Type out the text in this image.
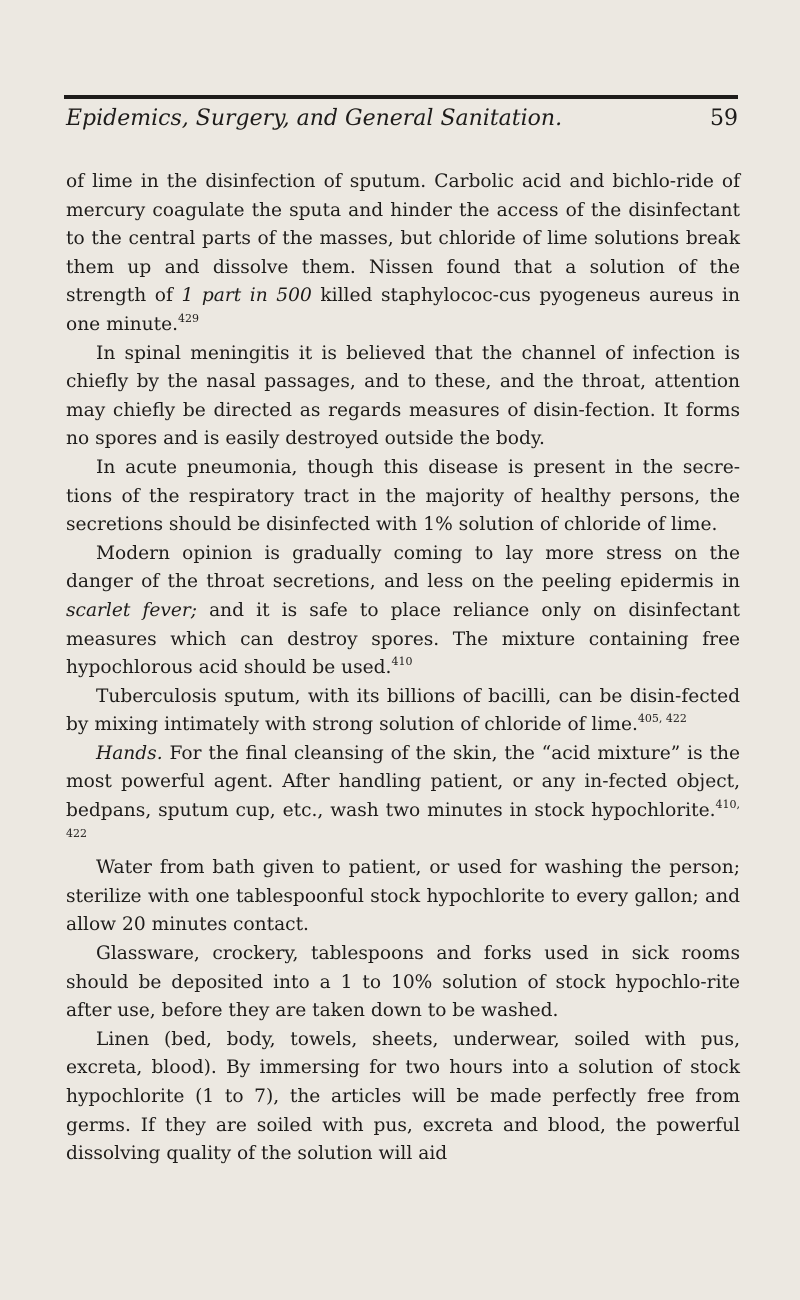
Epidemics, Surgery, and General Sanitation.	59

of lime in the disinfection of sputum. Carbolic acid and bichlo-ride of mercury coagulate the sputa and hinder the access of the disinfectant to the central parts of the masses, but chloride of lime solutions break them up and dissolve them. Nissen found that a solution of the strength of 1 part in 500 killed staphylococ-cus pyogeneus aureus in one minute.$^{429}$

In spinal meningitis it is believed that the channel of infection is chiefly by the nasal passages, and to these, and the throat, attention may chiefly be directed as regards measures of disin-fection. It forms no spores and is easily destroyed outside the body.

In acute pneumonia, though this disease is present in the secre-tions of the respiratory tract in the majority of healthy persons, the secretions should be disinfected with 1% solution of chloride of lime.

Modern opinion is gradually coming to lay more stress on the danger of the throat secretions, and less on the peeling epidermis in scarlet fever; and it is safe to place reliance only on disinfectant measures which can destroy spores. The mixture containing free hypochlorous acid should be used.$^{410}$

Tuberculosis sputum, with its billions of bacilli, can be disin-fected by mixing intimately with strong solution of chloride of lime.$^{405, 422}$

Hands. For the final cleansing of the skin, the “acid mixture” is the most powerful agent. After handling patient, or any in-fected object, bedpans, sputum cup, etc., wash two minutes in stock hypochlorite.$^{410, 422}$

Water from bath given to patient, or used for washing the person; sterilize with one tablespoonful stock hypochlorite to every gallon; and allow 20 minutes contact.

Glassware, crockery, tablespoons and forks used in sick rooms should be deposited into a 1 to 10% solution of stock hypochlo-rite after use, before they are taken down to be washed.

Linen (bed, body, towels, sheets, underwear, soiled with pus, excreta, blood). By immersing for two hours into a solution of stock hypochlorite (1 to 7), the articles will be made perfectly free from germs. If they are soiled with pus, excreta and blood, the powerful dissolving quality of the solution will aid
